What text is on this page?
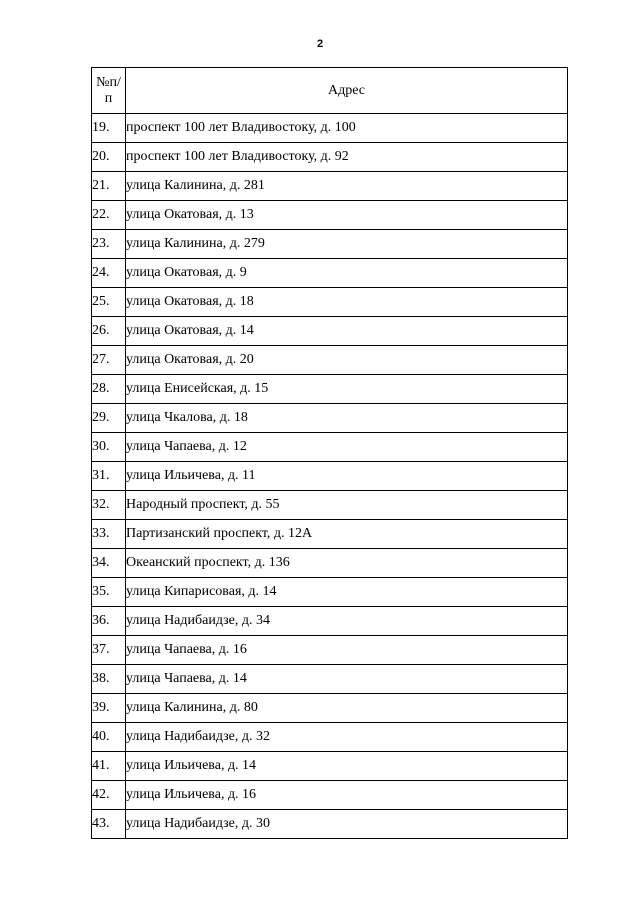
2
№п/
п	Адрес
19.	проспект 100 лет Владивостоку, д. 100
20.	проспект 100 лет Владивостоку, д. 92
21.	улица Калинина, д. 281
22.	улица Окатовая, д. 13
23.	улица Калинина, д. 279
24.	улица Окатовая, д. 9
25.	улица Окатовая, д. 18
26.	улица Окатовая, д. 14
27.	улица Окатовая, д. 20
28.	улица Енисейская, д. 15
29.	улица Чкалова, д. 18
30.	улица Чапаева, д. 12
31.	улица Ильичева, д. 11
32.	Народный проспект, д. 55
33.	Партизанский проспект, д. 12А
34.	Океанский проспект, д. 136
35.	улица Кипарисовая, д. 14
36.	улица Надибаидзе, д. 34
37.	улица Чапаева, д. 16
38.	улица Чапаева, д. 14
39.	улица Калинина, д. 80
40.	улица Надибаидзе, д. 32
41.	улица Ильичева, д. 14
42.	улица Ильичева, д. 16
43.	улица Надибаидзе, д. 30
